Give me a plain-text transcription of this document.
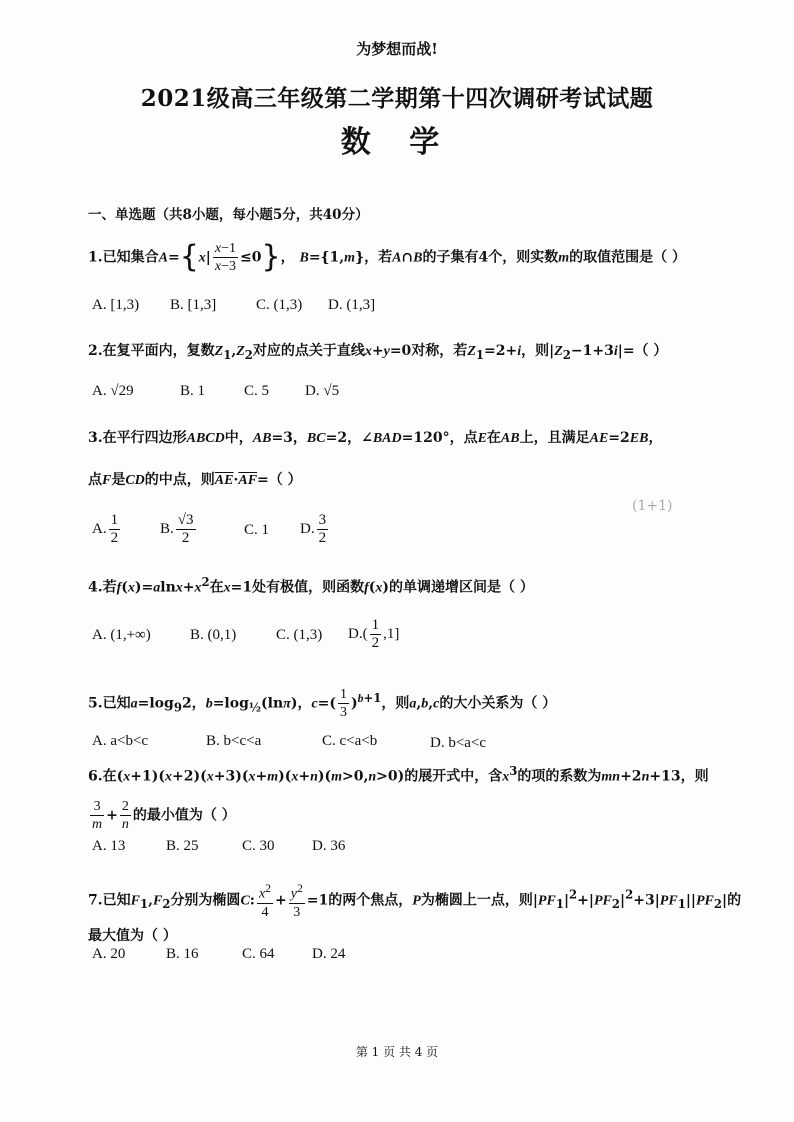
为梦想而战!
2021级高三年级第二学期第十四次调研考试试题
数 学
一、单选题（共8小题，每小题5分，共40分）
1.已知集合$A=\{x| \frac{x-1}{x-3} \le 0\}$， B={1,m}，若A∩B的子集有4个，则实数m的取值范围是（ ）
A. [1,3) B. [1,3]	C. (1,3) D. (1,3]
2.在复平面内，复数$Z_1,Z_2$对应的点关于直线x+y=0对称，若$Z_1=2+i$，则$|Z_2-1+3i|=$（ ）
A. √29	B. 1	C. 5 D. √5
3.在平行四边形ABCD中，AB=3，BC=2，∠BAD=120°，点E在AB上，且满足AE=2EB，
点F是CD的中点，则$\overline{AE}\cdot\overline{AF}=$（ ）
A. $\frac{1}{2}$	B. $\frac{√3}{2}$	C. 1 D. $\frac{3}{2}$
(1+1)
4.若$f(x)=alnx+x^2$在x=1处有极值，则函数f(x)的单调递增区间是（ ）
A. (1,+∞)	B. (0,1)	C. (1,3) $D.( \frac{1}{2} ,1]$
5.已知$a=\log_92$，$b=\log_{\frac{1}{2}}(\ln\pi)$，$c=( \frac{1}{3} )^{b+1}$，则a,b,c的大小关系为（ ）
A. a<b<c	B. b<c<a	C. c<a<b	D. b<a<c
6.在(x+1)(x+2)(x+3)(x+m)(x+n)(m>0,n>0)的展开式中，含$x^3$的项的系数为mn+2n+13，则
$\frac{3}{m} + \frac{2}{n}$ 的最小值为（ ）
A. 13	B. 25	C. 30 D. 36
7.已知$F_1,F_2$分别为椭圆C: $\frac{x^2}{4} + \frac{y^2}{3} =1$的两个焦点，P为椭圆上一点，则$|PF_1|^2+|PF_2|^2+3|PF_1||PF_2|$的
最大值为（ ）
A. 20	B. 16	C. 64 D. 24
第 1 页 共 4 页
